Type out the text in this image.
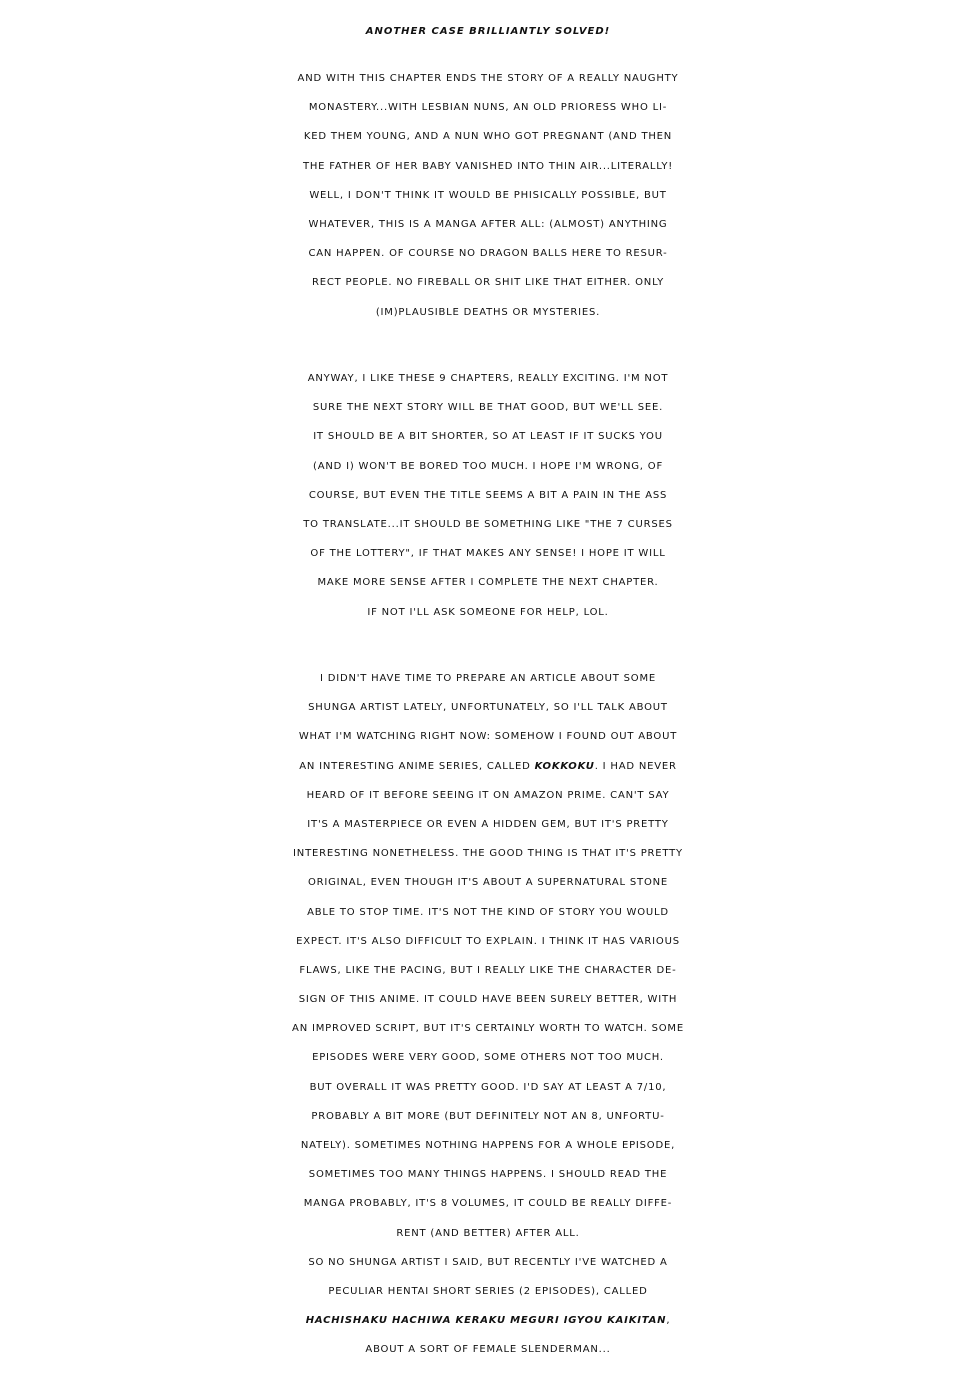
ANOTHER CASE BRILLIANTLY SOLVED!
AND WITH THIS CHAPTER ENDS THE STORY OF A REALLY NAUGHTY
MONASTERY...WITH LESBIAN NUNS, AN OLD PRIORESS WHO LI-
KED THEM YOUNG, AND A NUN WHO GOT PREGNANT (AND THEN
THE FATHER OF HER BABY VANISHED INTO THIN AIR...LITERALLY!
WELL, I DON'T THINK IT WOULD BE PHISICALLY POSSIBLE, BUT
WHATEVER, THIS IS A MANGA AFTER ALL: (ALMOST) ANYTHING
CAN HAPPEN. OF COURSE NO DRAGON BALLS HERE TO RESUR-
RECT PEOPLE. NO FIREBALL OR SHIT LIKE THAT EITHER. ONLY
(IM)PLAUSIBLE DEATHS OR MYSTERIES.
ANYWAY, I LIKE THESE 9 CHAPTERS, REALLY EXCITING. I'M NOT
SURE THE NEXT STORY WILL BE THAT GOOD, BUT WE'LL SEE.
IT SHOULD BE A BIT SHORTER, SO AT LEAST IF IT SUCKS YOU
(AND I) WON'T BE BORED TOO MUCH. I HOPE I'M WRONG, OF
COURSE, BUT EVEN THE TITLE SEEMS A BIT A PAIN IN THE ASS
TO TRANSLATE...IT SHOULD BE SOMETHING LIKE "THE 7 CURSES
OF THE LOTTERY", IF THAT MAKES ANY SENSE! I HOPE IT WILL
MAKE MORE SENSE AFTER I COMPLETE THE NEXT CHAPTER.
IF NOT I'LL ASK SOMEONE FOR HELP, LOL.
I DIDN'T HAVE TIME TO PREPARE AN ARTICLE ABOUT SOME
SHUNGA ARTIST LATELY, UNFORTUNATELY, SO I'LL TALK ABOUT
WHAT I'M WATCHING RIGHT NOW: SOMEHOW I FOUND OUT ABOUT
AN INTERESTING ANIME SERIES, CALLED KOKKOKU. I HAD NEVER
HEARD OF IT BEFORE SEEING IT ON AMAZON PRIME. CAN'T SAY
IT'S A MASTERPIECE OR EVEN A HIDDEN GEM, BUT IT'S PRETTY
INTERESTING NONETHELESS. THE GOOD THING IS THAT IT'S PRETTY
ORIGINAL, EVEN THOUGH IT'S ABOUT A SUPERNATURAL STONE
ABLE TO STOP TIME. IT'S NOT THE KIND OF STORY YOU WOULD
EXPECT. IT'S ALSO DIFFICULT TO EXPLAIN. I THINK IT HAS VARIOUS
FLAWS, LIKE THE PACING, BUT I REALLY LIKE THE CHARACTER DE-
SIGN OF THIS ANIME. IT COULD HAVE BEEN SURELY BETTER, WITH
AN IMPROVED SCRIPT, BUT IT'S CERTAINLY WORTH TO WATCH. SOME
EPISODES WERE VERY GOOD, SOME OTHERS NOT TOO MUCH.
BUT OVERALL IT WAS PRETTY GOOD. I'D SAY AT LEAST A 7/10,
PROBABLY A BIT MORE (BUT DEFINITELY NOT AN 8, UNFORTU-
NATELY). SOMETIMES NOTHING HAPPENS FOR A WHOLE EPISODE,
SOMETIMES TOO MANY THINGS HAPPENS. I SHOULD READ THE
MANGA PROBABLY, IT'S 8 VOLUMES, IT COULD BE REALLY DIFFE-
RENT (AND BETTER) AFTER ALL.
SO NO SHUNGA ARTIST I SAID, BUT RECENTLY I'VE WATCHED A
PECULIAR HENTAI SHORT SERIES (2 EPISODES), CALLED
HACHISHAKU HACHIWA KERAKU MEGURI IGYOU KAIKITAN,
ABOUT A SORT OF FEMALE SLENDERMAN...
